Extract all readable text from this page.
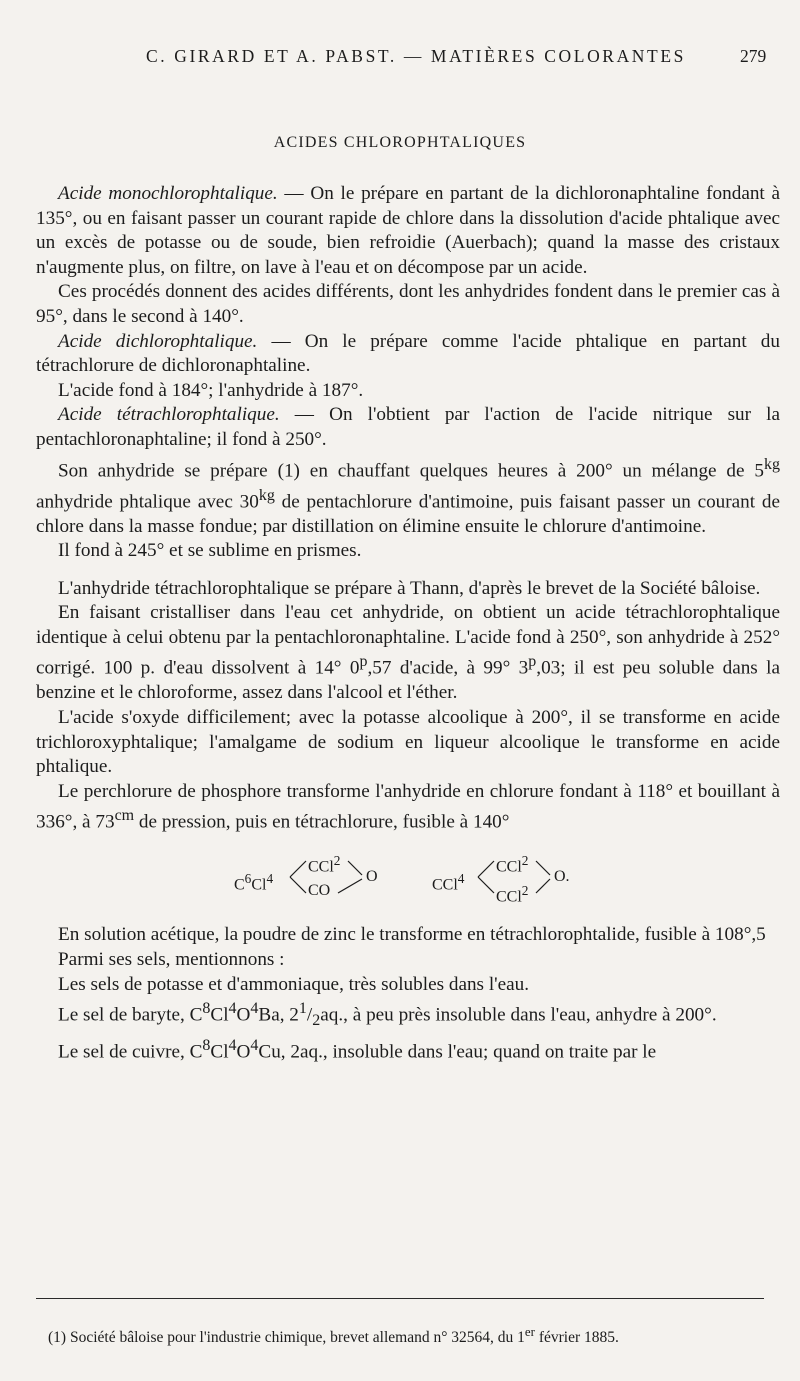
C. GIRARD ET A. PABST. — MATIÈRES COLORANTES	279
ACIDES CHLOROPHTALIQUES

Acide monochlorophtalique. — On le prépare en partant de la dichloronaphtaline fondant à 135°, ou en faisant passer un courant rapide de chlore dans la dissolution d'acide phtalique avec un excès de potasse ou de soude, bien refroidie (Auerbach); quand la masse des cristaux n'augmente plus, on filtre, on lave à l'eau et on décompose par un acide.

Ces procédés donnent des acides différents, dont les anhydrides fondent dans le premier cas à 95°, dans le second à 140°.

Acide dichlorophtalique. — On le prépare comme l'acide phtalique en partant du tétrachlorure de dichloronaphtaline.

L'acide fond à 184°; l'anhydride à 187°.

Acide tétrachlorophtalique. — On l'obtient par l'action de l'acide nitrique sur la pentachloronaphtaline; il fond à 250°.

Son anhydride se prépare (1) en chauffant quelques heures à 200° un mélange de $5^{kg}$ anhydride phtalique avec $30^{kg}$ de pentachlorure d'antimoine, puis faisant passer un courant de chlore dans la masse fondue; par distillation on élimine ensuite le chlorure d'antimoine.

Il fond à 245° et se sublime en prismes.

L'anhydride tétrachlorophtalique se prépare à Thann, d'après le brevet de la Société bâloise.

En faisant cristalliser dans l'eau cet anhydride, on obtient un acide tétrachlorophtalique identique à celui obtenu par la pentachloronaphtaline. L'acide fond à 250°, son anhydride à 252° corrigé. 100 p. d'eau dissolvent à 14° 0$^p$,57 d'acide, à 99° 3$^p$,03; il est peu soluble dans la benzine et le chloroforme, assez dans l'alcool et l'éther.

L'acide s'oxyde difficilement; avec la potasse alcoolique à 200°, il se transforme en acide trichloroxyphtalique; l'amalgame de sodium en liqueur alcoolique le transforme en acide phtalique.

Le perchlorure de phosphore transforme l'anhydride en chlorure fondant à 118° et bouillant à 336°, à $73^{cm}$ de pression, puis en tétrachlorure, fusible à 140°

$C^6Cl^4$
CCl$^2$
CO
O	CCl$^4$
CCl$^2$
CCl$^2$
O.

En solution acétique, la poudre de zinc le transforme en tétrachlorophtalide, fusible à 108°,5

Parmi ses sels, mentionnons :

Les sels de potasse et d'ammoniaque, très solubles dans l'eau.

Le sel de baryte, $C^8Cl^4O^4Ba$, $2^1/_2aq$., à peu près insoluble dans l'eau, anhydre à 200°.

Le sel de cuivre, $C^8Cl^4O^4Cu$, 2aq., insoluble dans l'eau; quand on traite par le

(1) Société bâloise pour l'industrie chimique, brevet allemand n° 32564, du 1er février 1885.
